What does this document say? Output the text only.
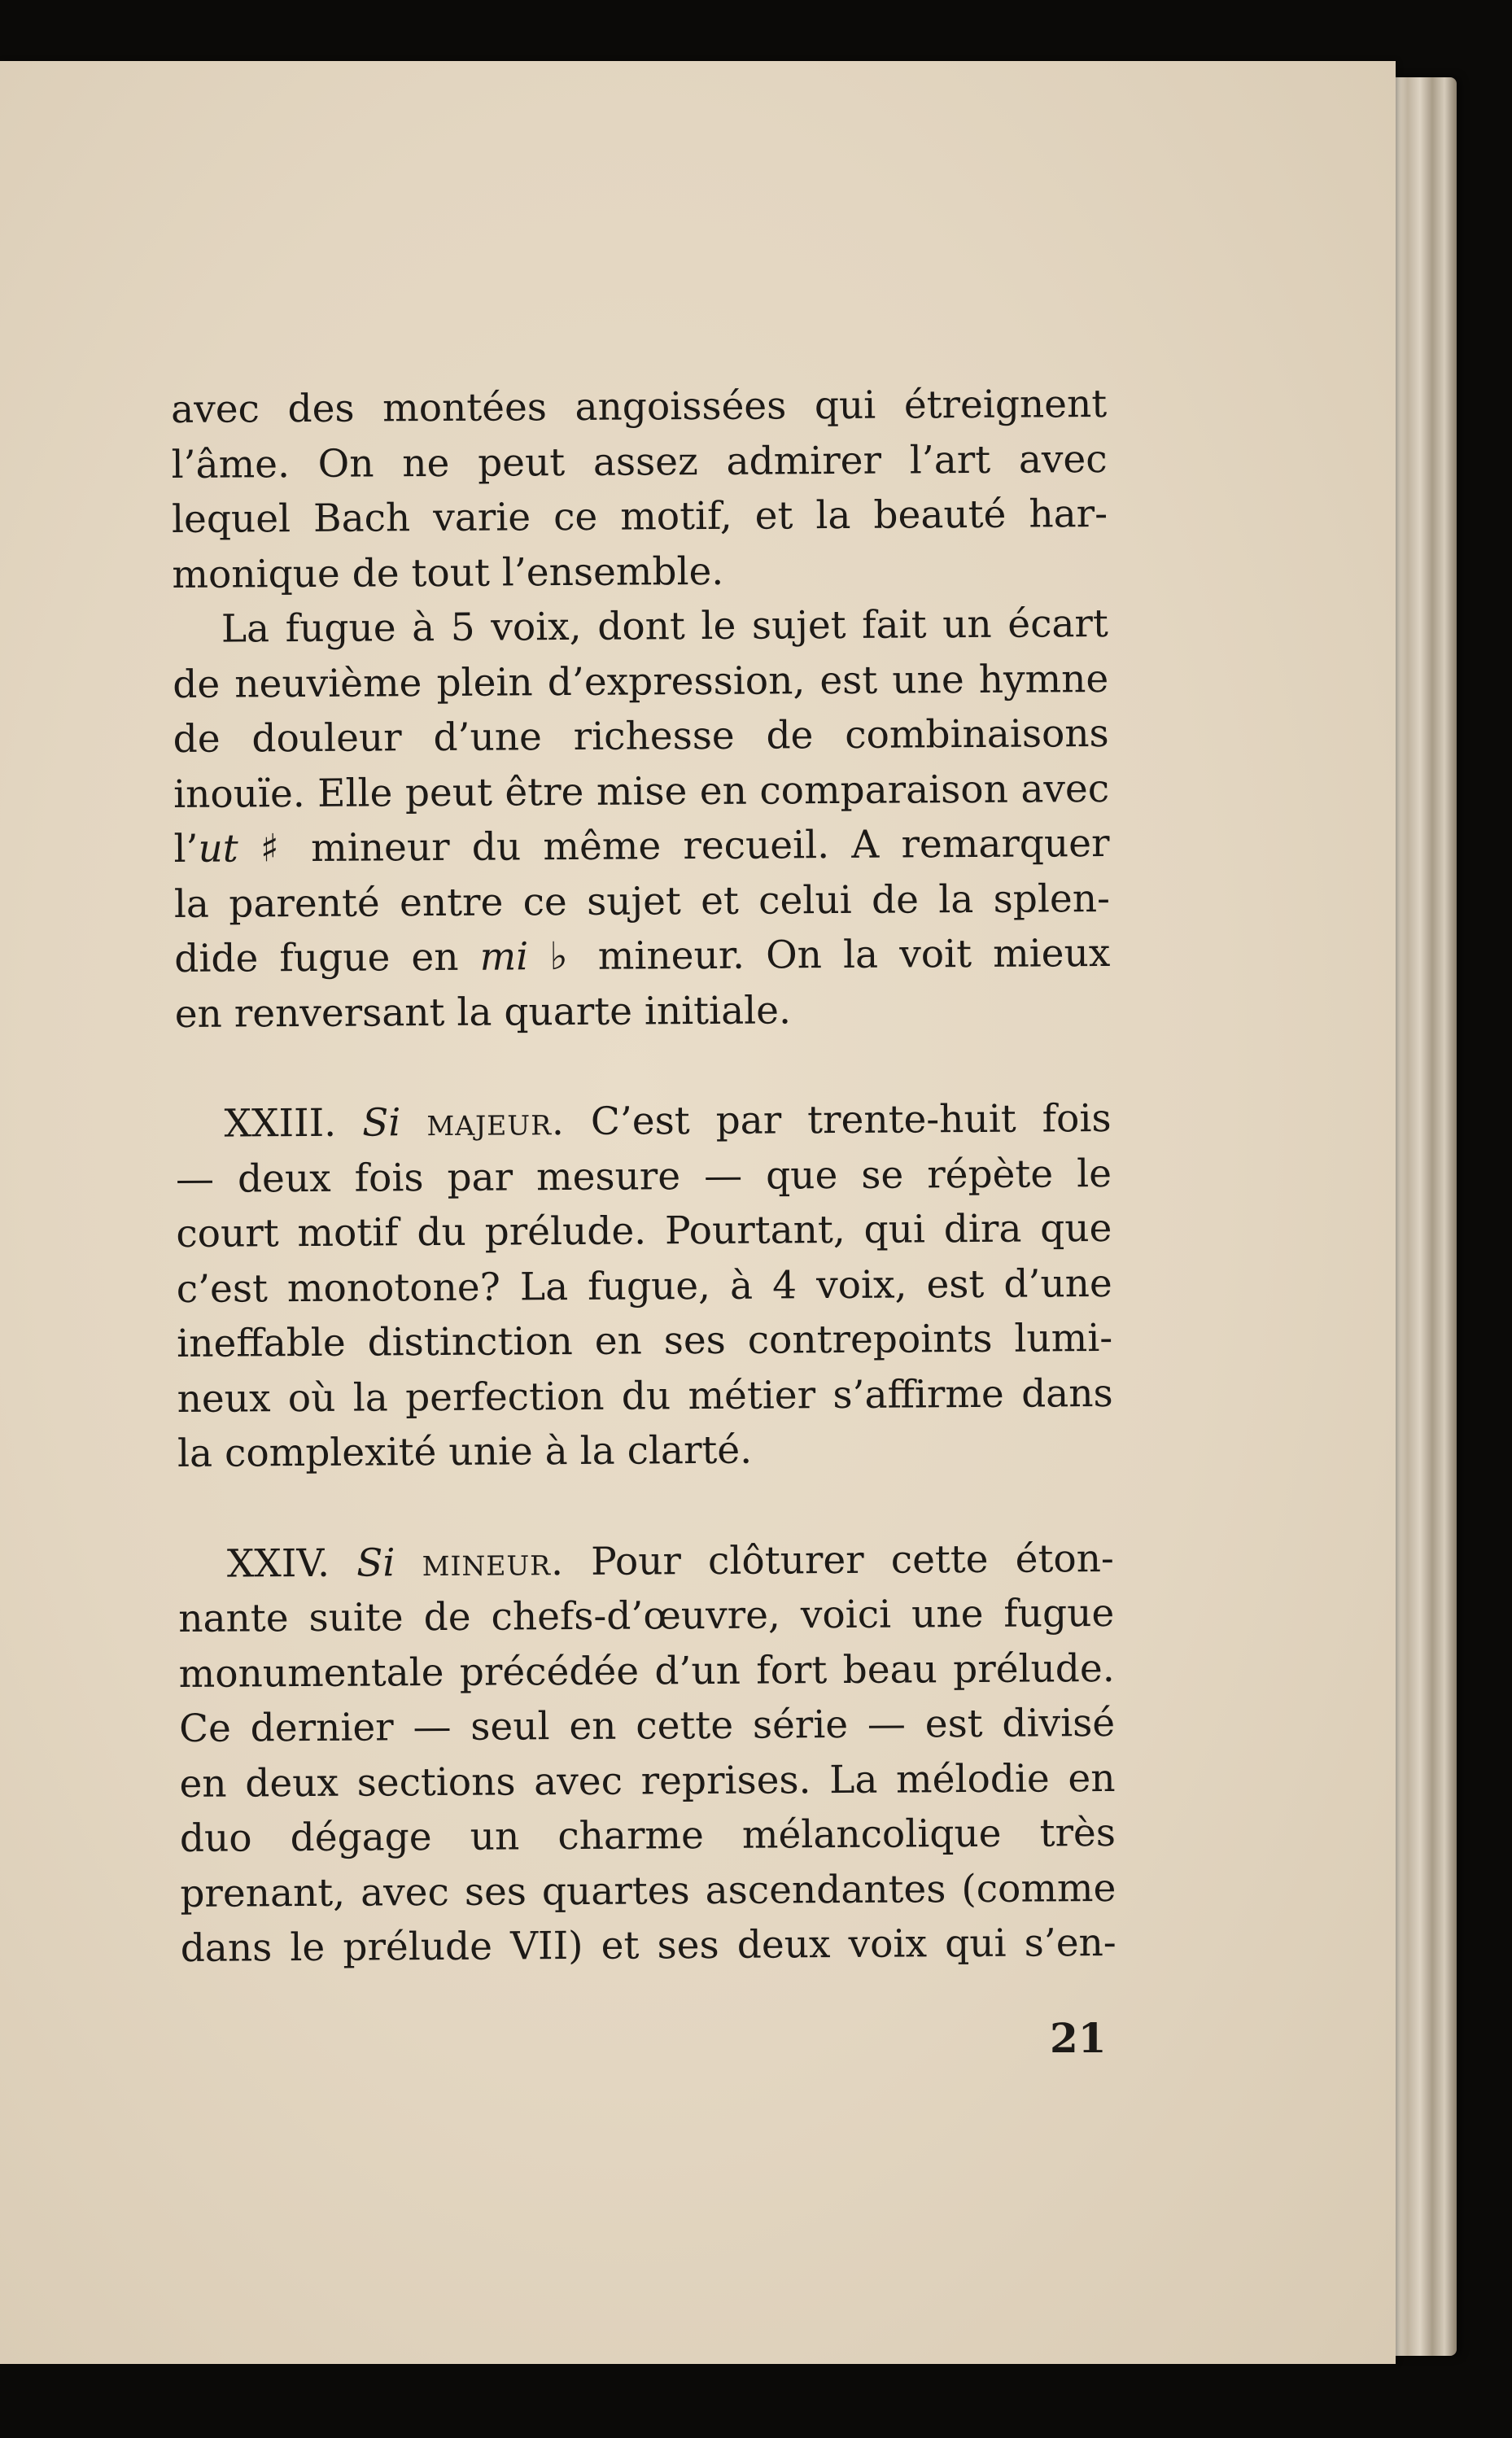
avec des montées angoissées qui étreignent
l’âme. On ne peut assez admirer l’art avec
lequel Bach varie ce motif, et la beauté har-
monique de tout l’ensemble.
La fugue à 5 voix, dont le sujet fait un écart
de neuvième plein d’expression, est une hymne
de douleur d’une richesse de combinaisons
inouïe. Elle peut être mise en comparaison avec
l’ut ♯ mineur du même recueil. A remarquer
la parenté entre ce sujet et celui de la splen-
dide fugue en mi ♭ mineur. On la voit mieux
en renversant la quarte initiale.
XXIII. Si majeur. C’est par trente-huit fois
— deux fois par mesure — que se répète le
court motif du prélude. Pourtant, qui dira que
c’est monotone? La fugue, à 4 voix, est d’une
ineffable distinction en ses contrepoints lumi-
neux où la perfection du métier s’affirme dans
la complexité unie à la clarté.
XXIV. Si mineur. Pour clôturer cette éton-
nante suite de chefs-d’œuvre, voici une fugue
monumentale précédée d’un fort beau prélude.
Ce dernier — seul en cette série — est divisé
en deux sections avec reprises. La mélodie en
duo dégage un charme mélancolique très
prenant, avec ses quartes ascendantes (comme
dans le prélude VII) et ses deux voix qui s’en-
21
